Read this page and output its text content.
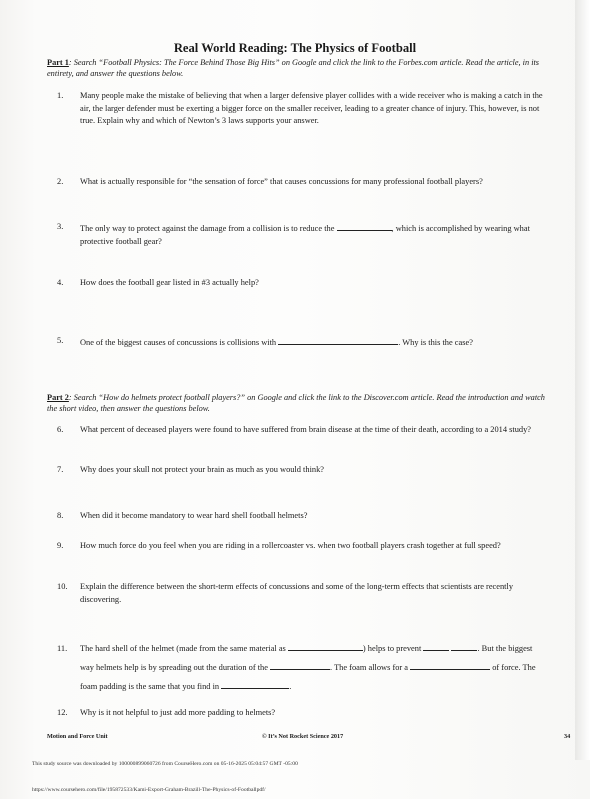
Real World Reading: The Physics of Football
Part 1: Search “Football Physics: The Force Behind Those Big Hits” on Google and click the link to the Forbes.com article. Read the article, in its entirety, and answer the questions below.
1.	Many people make the mistake of believing that when a larger defensive player collides with a wide receiver who is making a catch in the air, the larger defender must be exerting a bigger force on the smaller receiver, leading to a greater chance of injury. This, however, is not true. Explain why and which of Newton’s 3 laws supports your answer.
2.	What is actually responsible for “the sensation of force” that causes concussions for many professional football players?
3.	The only way to protect against the damage from a collision is to reduce the	, which is accomplished by wearing what protective football gear?
4.	How does the football gear listed in #3 actually help?
5.	One of the biggest causes of concussions is collisions with	. Why is this the case?
Part 2: Search “How do helmets protect football players?” on Google and click the link to the Discover.com article. Read the introduction and watch the short video, then answer the questions below.
6.	What percent of deceased players were found to have suffered from brain disease at the time of their death, according to a 2014 study?
7.	Why does your skull not protect your brain as much as you would think?
8.	When did it become mandatory to wear hard shell football helmets?
9.	How much force do you feel when you are riding in a rollercoaster vs. when two football players crash together at full speed?
10.	Explain the difference between the short-term effects of concussions and some of the long-term effects that scientists are recently discovering.
11.	The hard shell of the helmet (made from the same material as	) helps to prevent	. But the biggest way helmets help is by spreading out the duration of the	. The foam allows for a	of force. The foam padding is the same that you find in	.
12.	Why is it not helpful to just add more padding to helmets?
Motion and Force Unit	© It’s Not Rocket Science 2017	34
This study source was downloaded by 100000899060726 from CourseHero.com on 05-16-2025 05:04:57 GMT -05:00
https://www.coursehero.com/file/195872533/Kami-Export-Graham-Brazill-The-Physics-of-Footballpdf/
